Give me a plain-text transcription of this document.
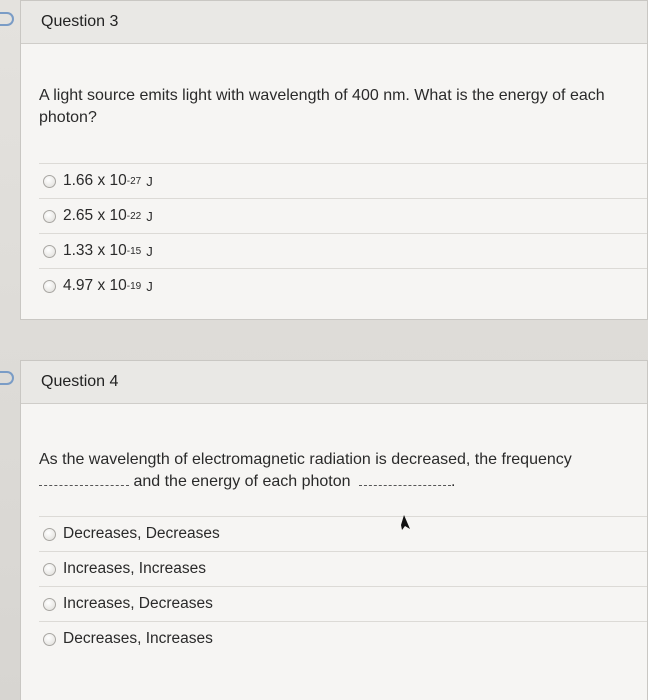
Question 3
A light source emits light with wavelength of 400 nm. What is the energy of each photon?
1.66 x 10 -27 J
2.65 x 10 -22 J
1.33 x 10 -15 J
4.97 x 10 -19 J
Question 4
As the wavelength of electromagnetic radiation is decreased, the frequency
and the energy of each photon	.
Decreases, Decreases
Increases, Increases
Increases, Decreases
Decreases, Increases
